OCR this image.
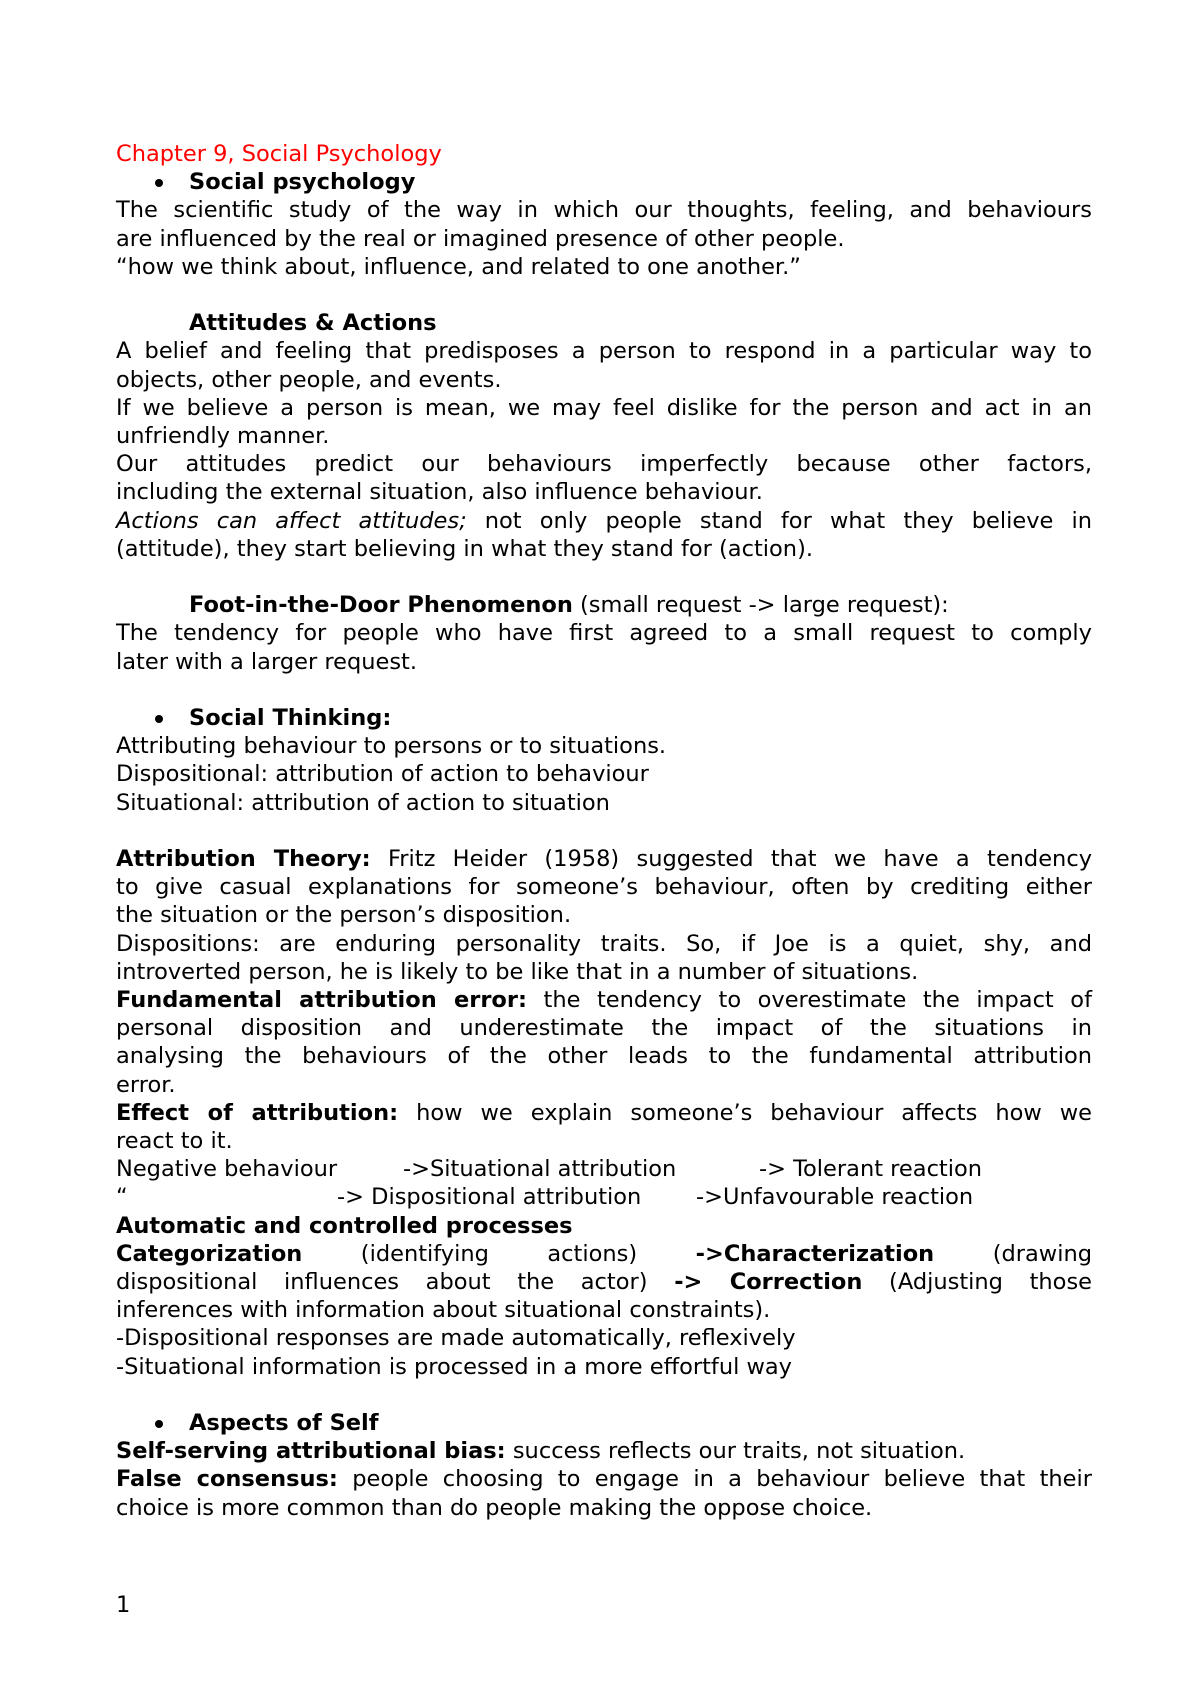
Chapter 9, Social Psychology
Social psychology
The scientific study of the way in which our thoughts, feeling, and behaviours
are influenced by the real or imagined presence of other people.
“how we think about, influence, and related to one another.”
Attitudes & Actions
A belief and feeling that predisposes a person to respond in a particular way to
objects, other people, and events.
If we believe a person is mean, we may feel dislike for the person and act in an
unfriendly manner.
Our attitudes predict our behaviours imperfectly because other factors,
including the external situation, also influence behaviour.
Actions can affect attitudes; not only people stand for what they believe in
(attitude), they start believing in what they stand for (action).
Foot-in-the-Door Phenomenon (small request -> large request):
The tendency for people who have first agreed to a small request to comply
later with a larger request.
Social Thinking:
Attributing behaviour to persons or to situations.
Dispositional: attribution of action to behaviour
Situational: attribution of action to situation
Attribution Theory: Fritz Heider (1958) suggested that we have a tendency
to give casual explanations for someone’s behaviour, often by crediting either
the situation or the person’s disposition.
Dispositions: are enduring personality traits. So, if Joe is a quiet, shy, and
introverted person, he is likely to be like that in a number of situations.
Fundamental attribution error: the tendency to overestimate the impact of
personal disposition and underestimate the impact of the situations in
analysing the behaviours of the other leads to the fundamental attribution
error.
Effect of attribution: how we explain someone’s behaviour affects how we
react to it.
Negative behaviour	->Situational attribution	-> Tolerant reaction
“	-> Dispositional attribution ->Unfavourable reaction
Automatic and controlled processes
Categorization (identifying actions) ->Characterization (drawing
dispositional influences about the actor) -> Correction (Adjusting those
inferences with information about situational constraints).
-Dispositional responses are made automatically, reflexively
-Situational information is processed in a more effortful way
Aspects of Self
Self-serving attributional bias: success reflects our traits, not situation.
False consensus: people choosing to engage in a behaviour believe that their
choice is more common than do people making the oppose choice.
1
